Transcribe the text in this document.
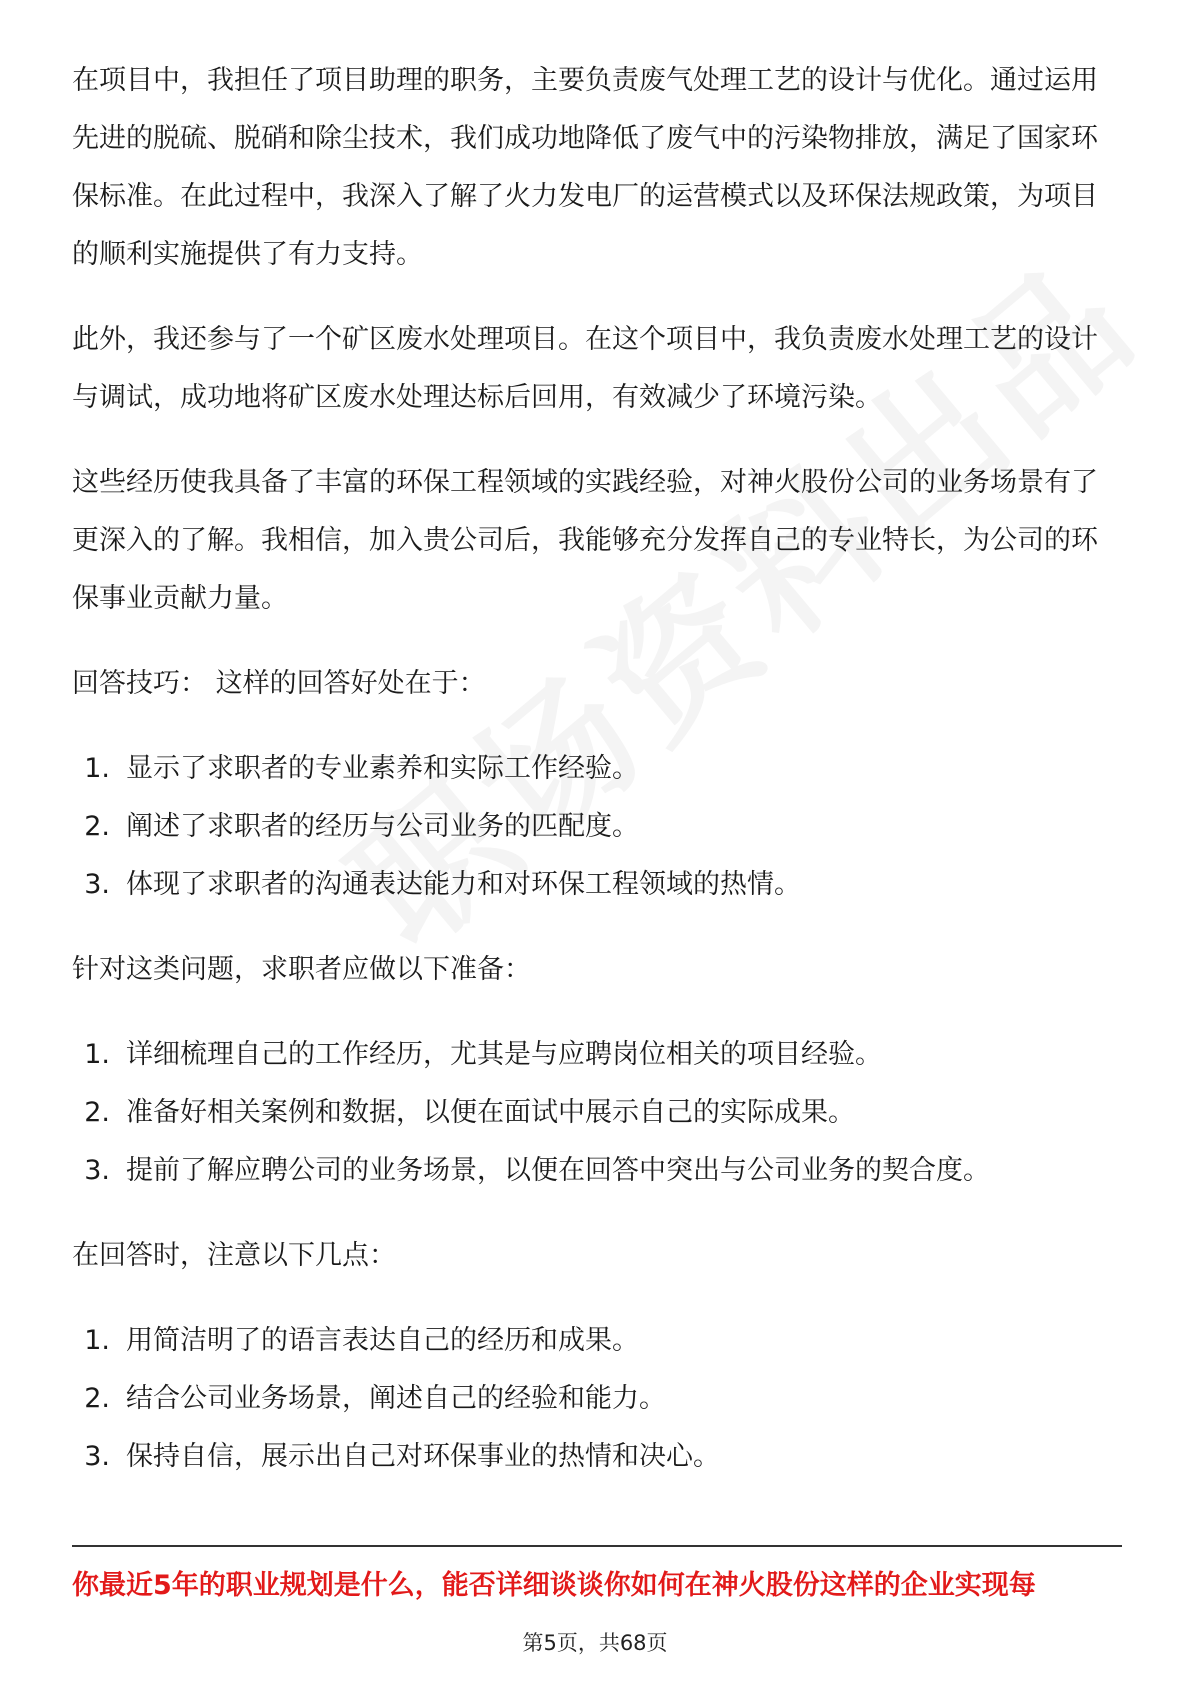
在项目中，我担任了项目助理的职务，主要负责废气处理工艺的设计与优化。通过运用先进的脱硫、脱硝和除尘技术，我们成功地降低了废气中的污染物排放，满足了国家环保标准。在此过程中，我深入了解了火力发电厂的运营模式以及环保法规政策，为项目的顺利实施提供了有力支持。

此外，我还参与了一个矿区废水处理项目。在这个项目中，我负责废水处理工艺的设计与调试，成功地将矿区废水处理达标后回用，有效减少了环境污染。

这些经历使我具备了丰富的环保工程领域的实践经验，对神火股份公司的业务场景有了更深入的了解。我相信，加入贵公司后，我能够充分发挥自己的专业特长，为公司的环保事业贡献力量。

回答技巧： 这样的回答好处在于：

1. 显示了求职者的专业素养和实际工作经验。
2. 阐述了求职者的经历与公司业务的匹配度。
3. 体现了求职者的沟通表达能力和对环保工程领域的热情。

针对这类问题，求职者应做以下准备：

1. 详细梳理自己的工作经历，尤其是与应聘岗位相关的项目经验。
2. 准备好相关案例和数据，以便在面试中展示自己的实际成果。
3. 提前了解应聘公司的业务场景，以便在回答中突出与公司业务的契合度。

在回答时，注意以下几点：

1. 用简洁明了的语言表达自己的经历和成果。
2. 结合公司业务场景，阐述自己的经验和能力。
3. 保持自信，展示出自己对环保事业的热情和决心。
你最近5年的职业规划是什么，能否详细谈谈你如何在神火股份这样的企业实现每
第5页，共68页
